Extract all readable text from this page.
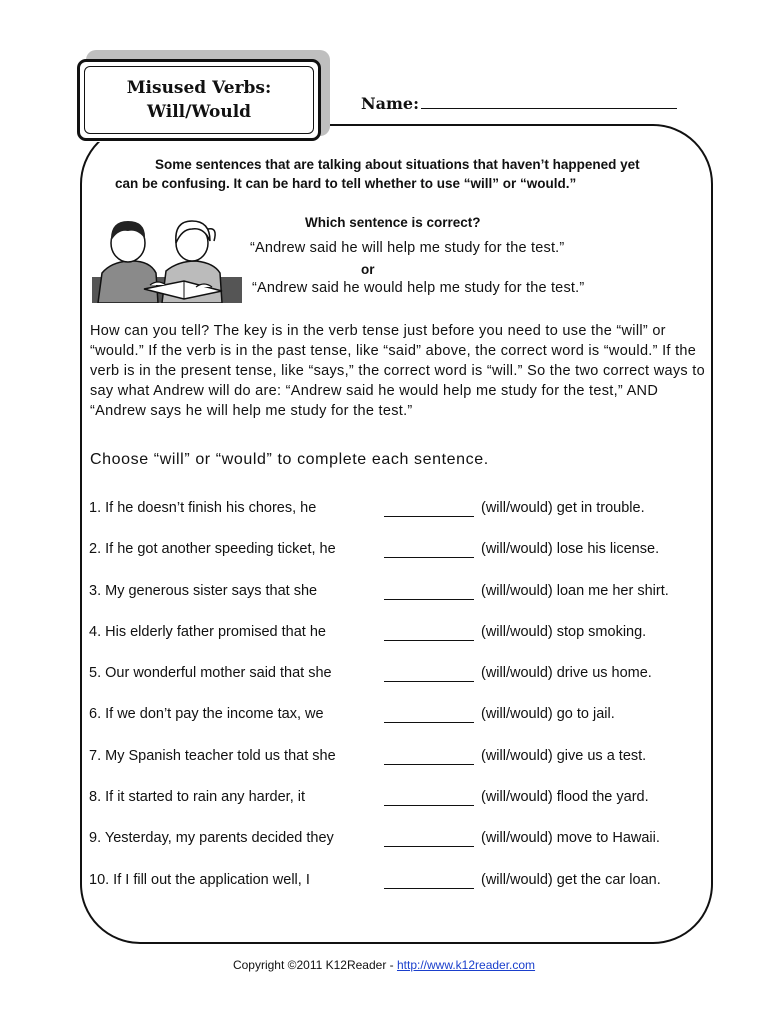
Misused Verbs:
Will/Would	Name:
Some sentences that are talking about situations that haven’t happened yet can be confusing. It can be hard to tell whether to use “will” or “would.”
Which sentence is correct?
“Andrew said he will help me study for the test.”
or
“Andrew said he would help me study for the test.”
How can you tell? The key is in the verb tense just before you need to use the “will” or “would.” If the verb is in the past tense, like “said” above, the correct word is “would.” If the verb is in the present tense, like “says,” the correct word is “will.” So the two correct ways to say what Andrew will do are: “Andrew said he would help me study for the test,” AND “Andrew says he will help me study for the test.”
Choose “will” or “would” to complete each sentence.
1. If he doesn’t finish his chores, he	(will/would) get in trouble.
2. If he got another speeding ticket, he	(will/would) lose his license.
3. My generous sister says that she	(will/would) loan me her shirt.
4. His elderly father promised that he	(will/would) stop smoking.
5. Our wonderful mother said that she	(will/would) drive us home.
6. If we don’t pay the income tax, we	(will/would) go to jail.
7. My Spanish teacher told us that she	(will/would) give us a test.
8. If it started to rain any harder, it	(will/would) flood the yard.
9. Yesterday, my parents decided they	(will/would) move to Hawaii.
10. If I fill out the application well, I	(will/would) get the car loan.
Copyright ©2011 K12Reader - http://www.k12reader.com
